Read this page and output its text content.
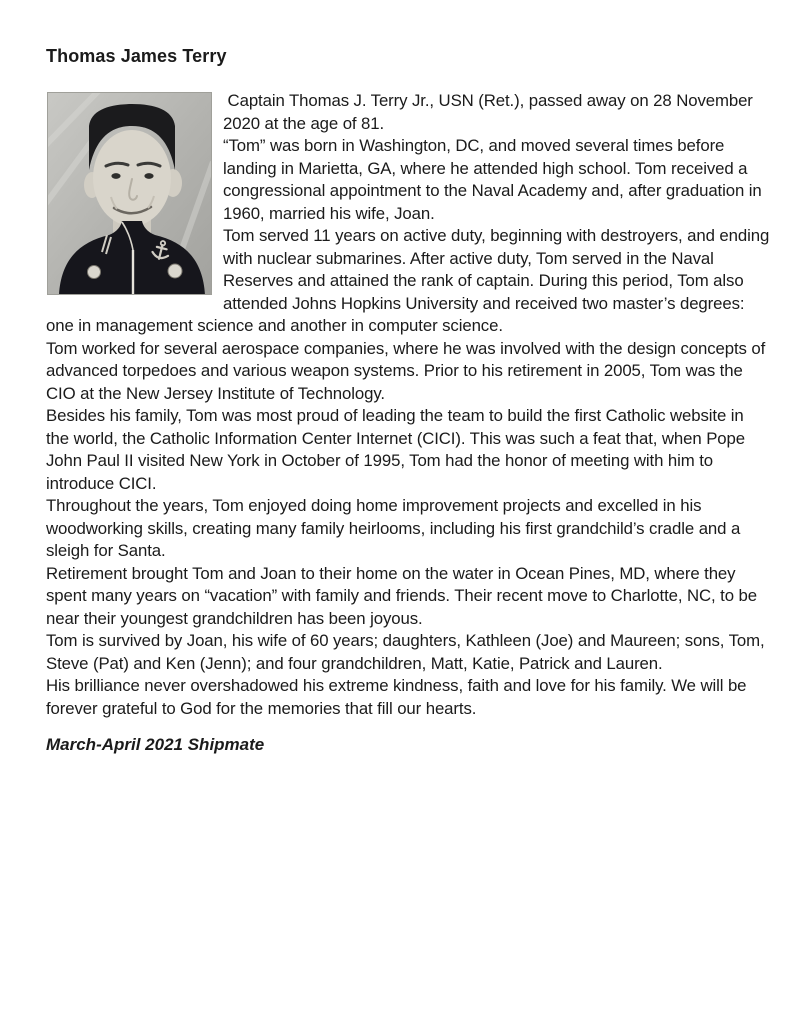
Thomas James Terry

Captain Thomas J. Terry Jr., USN (Ret.), passed away on 28 November 2020 at the age of 81.

“Tom” was born in Washington, DC, and moved several times before landing in Marietta, GA, where he attended high school. Tom received a congressional appointment to the Naval Academy and, after graduation in 1960, married his wife, Joan.

Tom served 11 years on active duty, beginning with destroyers, and ending with nuclear submarines. After active duty, Tom served in the Naval Reserves and attained the rank of captain. During this period, Tom also attended Johns Hopkins University and received two master’s degrees: one in management science and another in computer science.

Tom worked for several aerospace companies, where he was involved with the design concepts of advanced torpedoes and various weapon systems. Prior to his retirement in 2005, Tom was the CIO at the New Jersey Institute of Technology.

Besides his family, Tom was most proud of leading the team to build the first Catholic website in the world, the Catholic Information Center Internet (CICI). This was such a feat that, when Pope John Paul II visited New York in October of 1995, Tom had the honor of meeting with him to introduce CICI.

Throughout the years, Tom enjoyed doing home improvement projects and excelled in his woodworking skills, creating many family heirlooms, including his first grandchild’s cradle and a sleigh for Santa.

Retirement brought Tom and Joan to their home on the water in Ocean Pines, MD, where they spent many years on “vacation” with family and friends. Their recent move to Charlotte, NC, to be near their youngest grandchildren has been joyous.

Tom is survived by Joan, his wife of 60 years; daughters, Kathleen (Joe) and Maureen; sons, Tom, Steve (Pat) and Ken (Jenn); and four grandchildren, Matt, Katie, Patrick and Lauren.

His brilliance never overshadowed his extreme kindness, faith and love for his family. We will be forever grateful to God for the memories that fill our hearts.

March-April 2021 Shipmate
